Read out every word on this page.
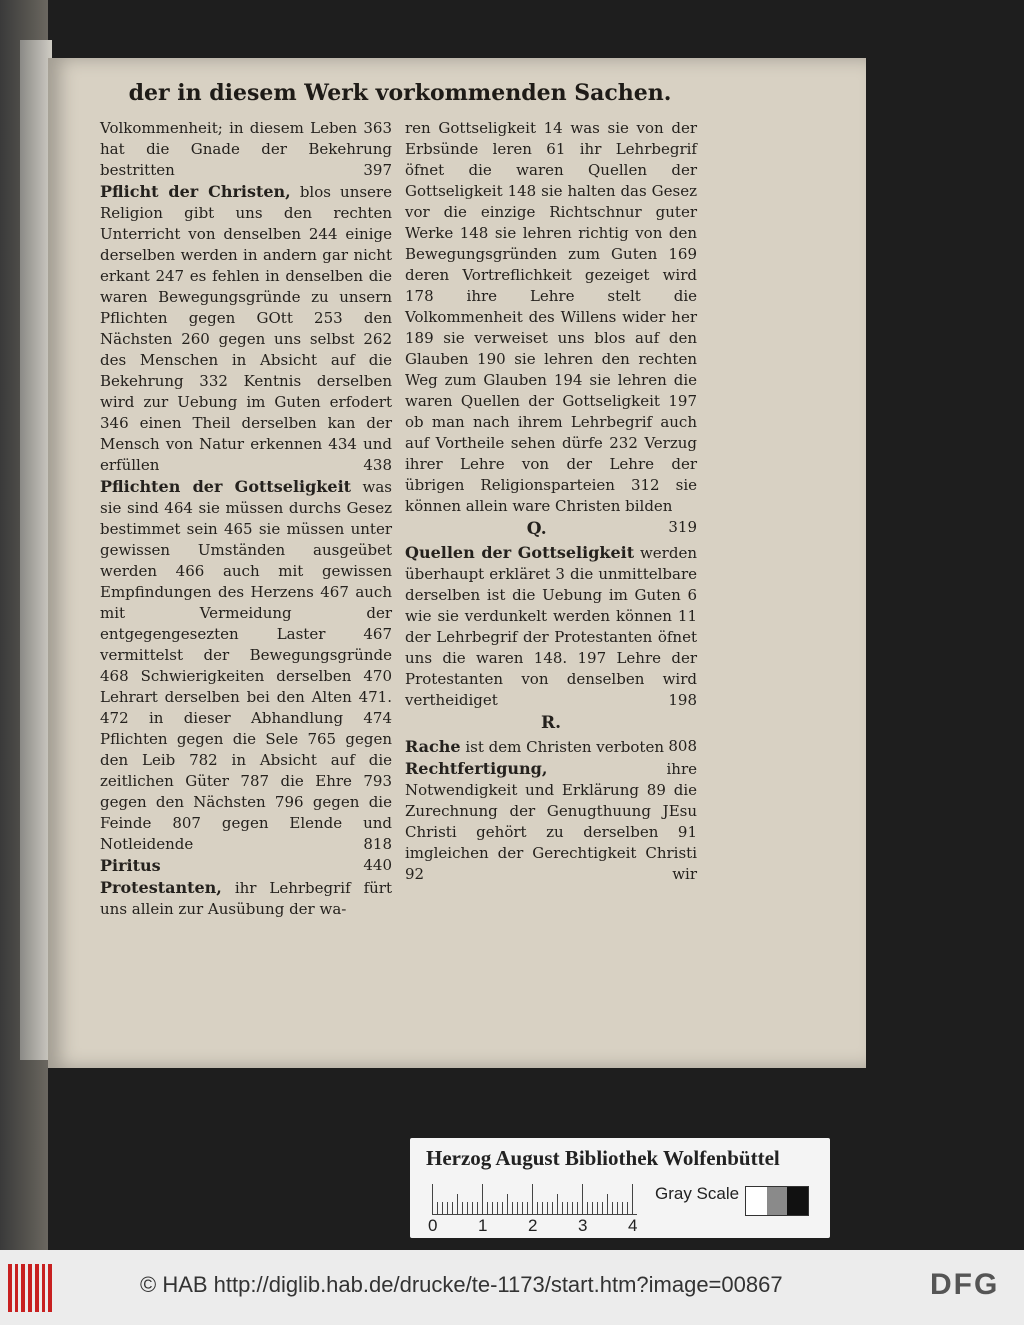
der in diesem Werk vorkommenden Sachen.

Volkommenheit; in diesem Leben 363 hat die Gnade der Bekehrung bestritten	397

Pflicht der Christen, blos unsere Religion gibt uns den rechten Unterricht von denselben 244 einige derselben werden in andern gar nicht erkant 247 es fehlen in denselben die waren Bewegungsgründe zu unsern Pflichten gegen GOtt 253 den Nächsten 260 gegen uns selbst 262 des Menschen in Absicht auf die Bekehrung 332 Kentnis derselben wird zur Uebung im Guten erfodert 346 einen Theil derselben kan der Mensch von Natur erkennen 434 und erfüllen	438

Pflichten der Gottseligkeit was sie sind 464 sie müssen durchs Gesez bestimmet sein 465 sie müssen unter gewissen Umständen ausgeübet werden 466 auch mit gewissen Empfindungen des Herzens 467 auch mit Vermeidung der entgegengesezten Laster 467 vermittelst der Bewegungsgründe 468 Schwierigkeiten derselben 470 Lehrart derselben bei den Alten 471. 472 in dieser Abhandlung 474 Pflichten gegen die Sele 765 gegen den Leib 782 in Absicht auf die zeitlichen Güter 787 die Ehre 793 gegen den Nächsten 796 gegen die Feinde 807 gegen Elende und Notleidende	818

Piritus	440

Protestanten, ihr Lehrbegrif fürt uns allein zur Ausübung der wa-

ren Gottseligkeit 14 was sie von der Erbsünde leren 61 ihr Lehrbegrif öfnet die waren Quellen der Gottseligkeit 148 sie halten das Gesez vor die einzige Richtschnur guter Werke 148 sie lehren richtig von den Bewegungsgründen zum Guten 169 deren Vortreflichkeit gezeiget wird 178 ihre Lehre stelt die Volkommenheit des Willens wider her 189 sie verweiset uns blos auf den Glauben 190 sie lehren den rechten Weg zum Glauben 194 sie lehren die waren Quellen der Gottseligkeit 197 ob man nach ihrem Lehrbegrif auch auf Vortheile sehen dürfe 232 Verzug ihrer Lehre von der Lehre der übrigen Religionsparteien 312 sie können allein ware Christen bilden
319

Q.

Quellen der Gottseligkeit werden überhaupt erkläret 3 die unmittelbare derselben ist die Uebung im Guten 6 wie sie verdunkelt werden können 11 der Lehrbegrif der Protestanten öfnet uns die waren 148. 197 Lehre der Protestanten von denselben wird vertheidiget	198

R.

Rache ist dem Christen verboten 808

Rechtfertigung,	ihre Notwendigkeit und Erklärung 89 die Zurechnung der Genugthuung JEsu Christi gehört zu derselben 91 imgleichen der Gerechtigkeit Christi 92	wir

Herzog August Bibliothek Wolfenbüttel
Gray Scale
0 1 2 3 4
© HAB http://diglib.hab.de/drucke/te-1173/start.htm?image=00867	DFG
